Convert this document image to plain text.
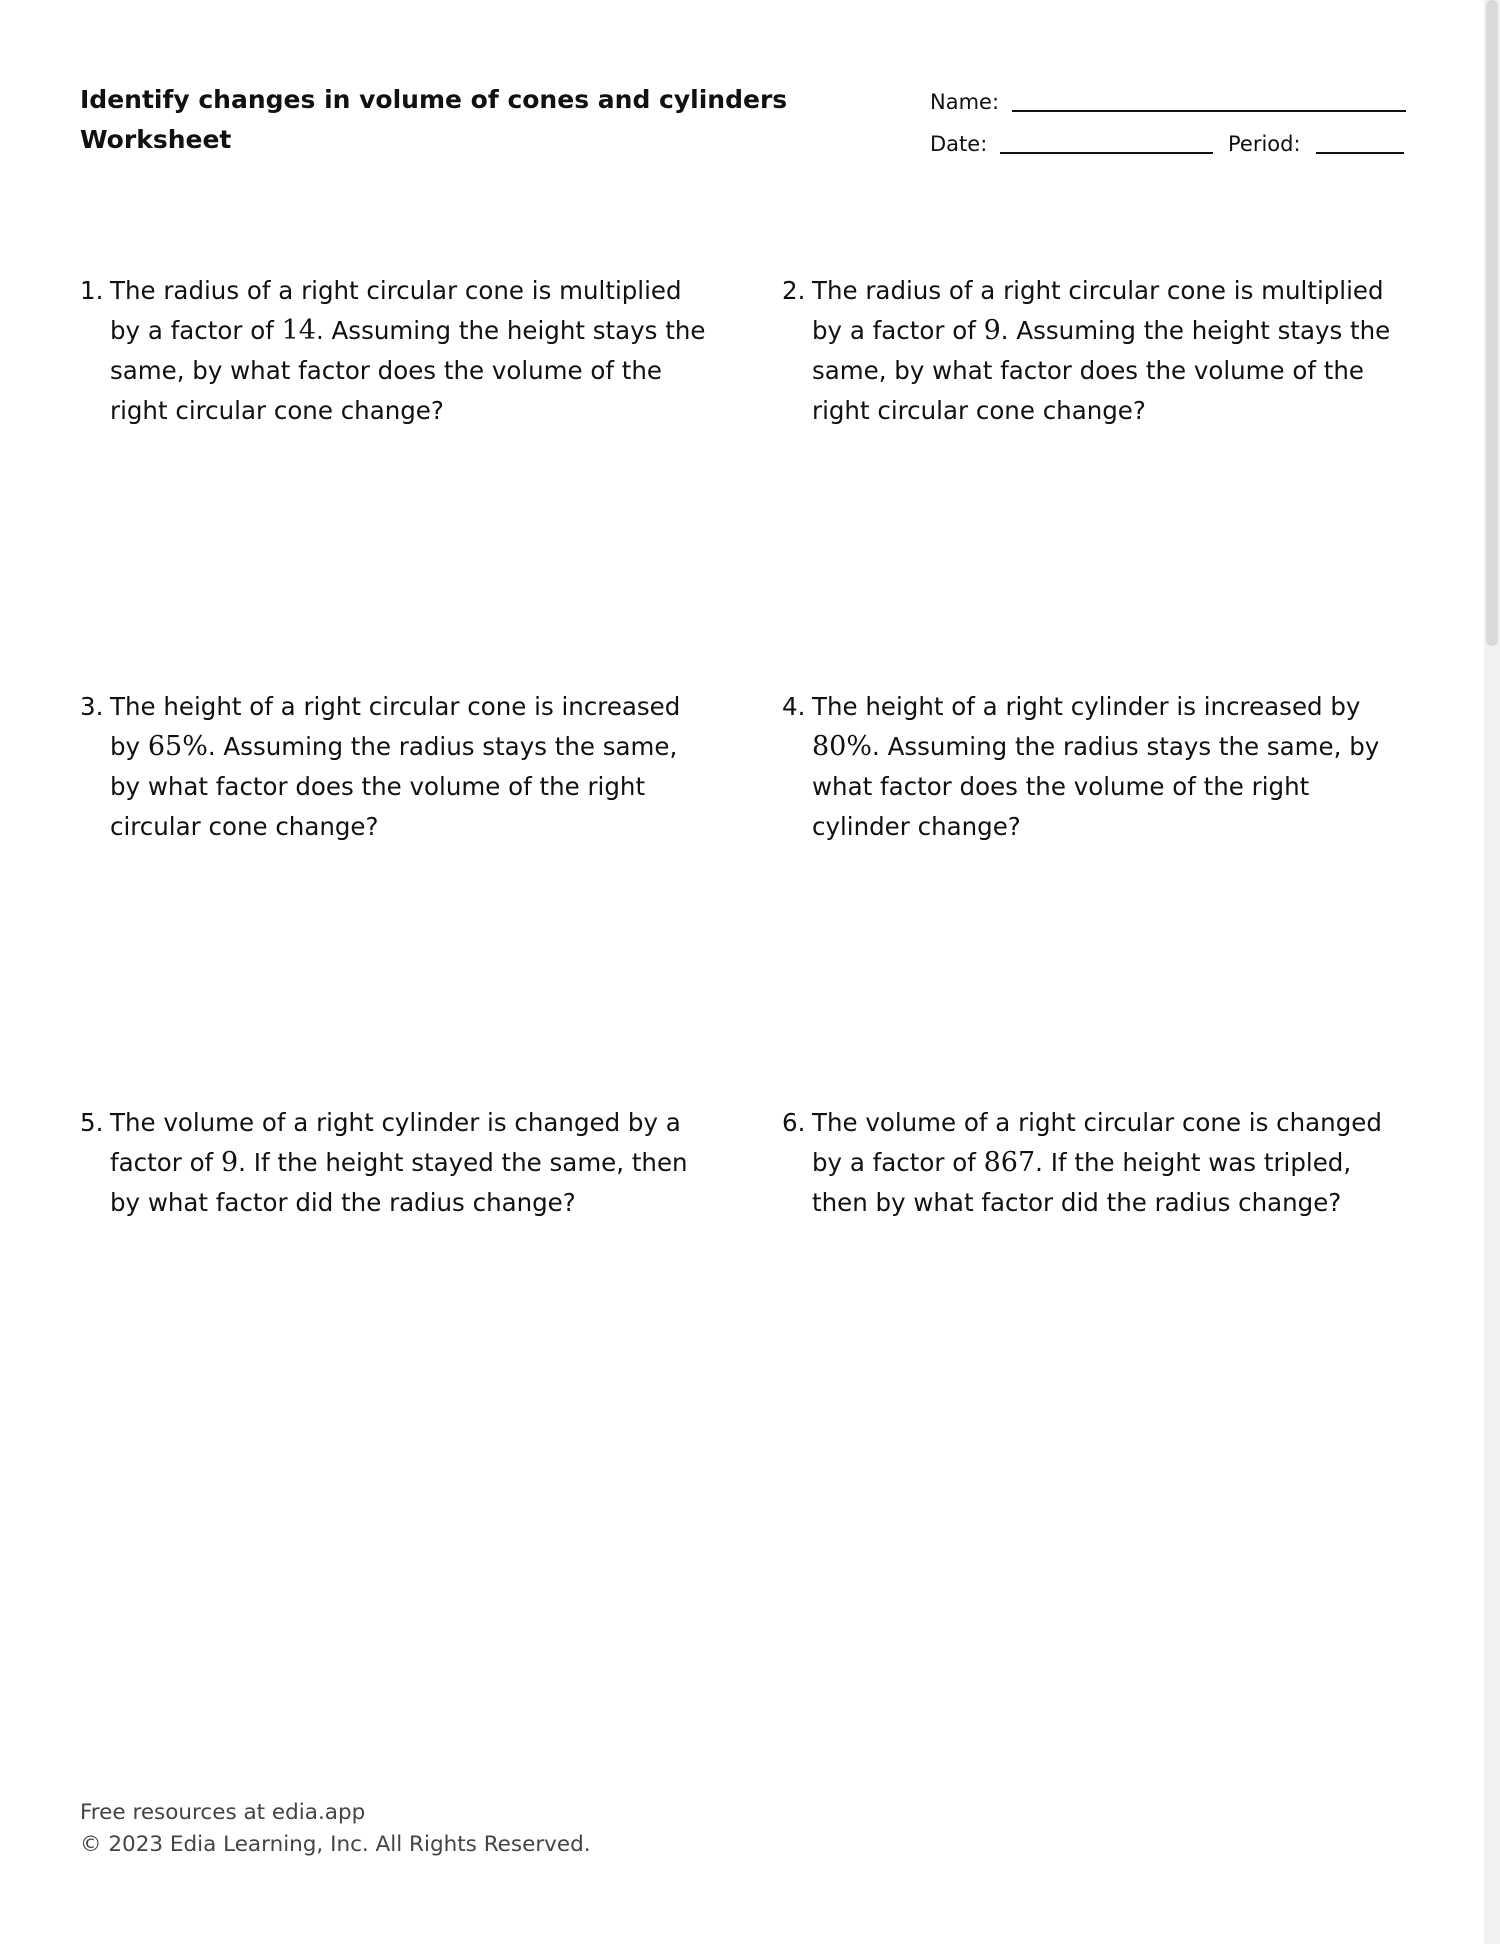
Identify changes in volume of cones and cylinders
Worksheet
Name:
Date:	Period:
1. The radius of a right circular cone is multiplied by a factor of 14. Assuming the height stays the same, by what factor does the volume of the right circular cone change?
2. The radius of a right circular cone is multiplied by a factor of 9. Assuming the height stays the same, by what factor does the volume of the right circular cone change?
3. The height of a right circular cone is increased by 65%. Assuming the radius stays the same, by what factor does the volume of the right circular cone change?
4. The height of a right cylinder is increased by 80%. Assuming the radius stays the same, by what factor does the volume of the right cylinder change?
5. The volume of a right cylinder is changed by a factor of 9. If the height stayed the same, then by what factor did the radius change?
6. The volume of a right circular cone is changed by a factor of 867. If the height was tripled, then by what factor did the radius change?
Free resources at edia.app
© 2023 Edia Learning, Inc. All Rights Reserved.
